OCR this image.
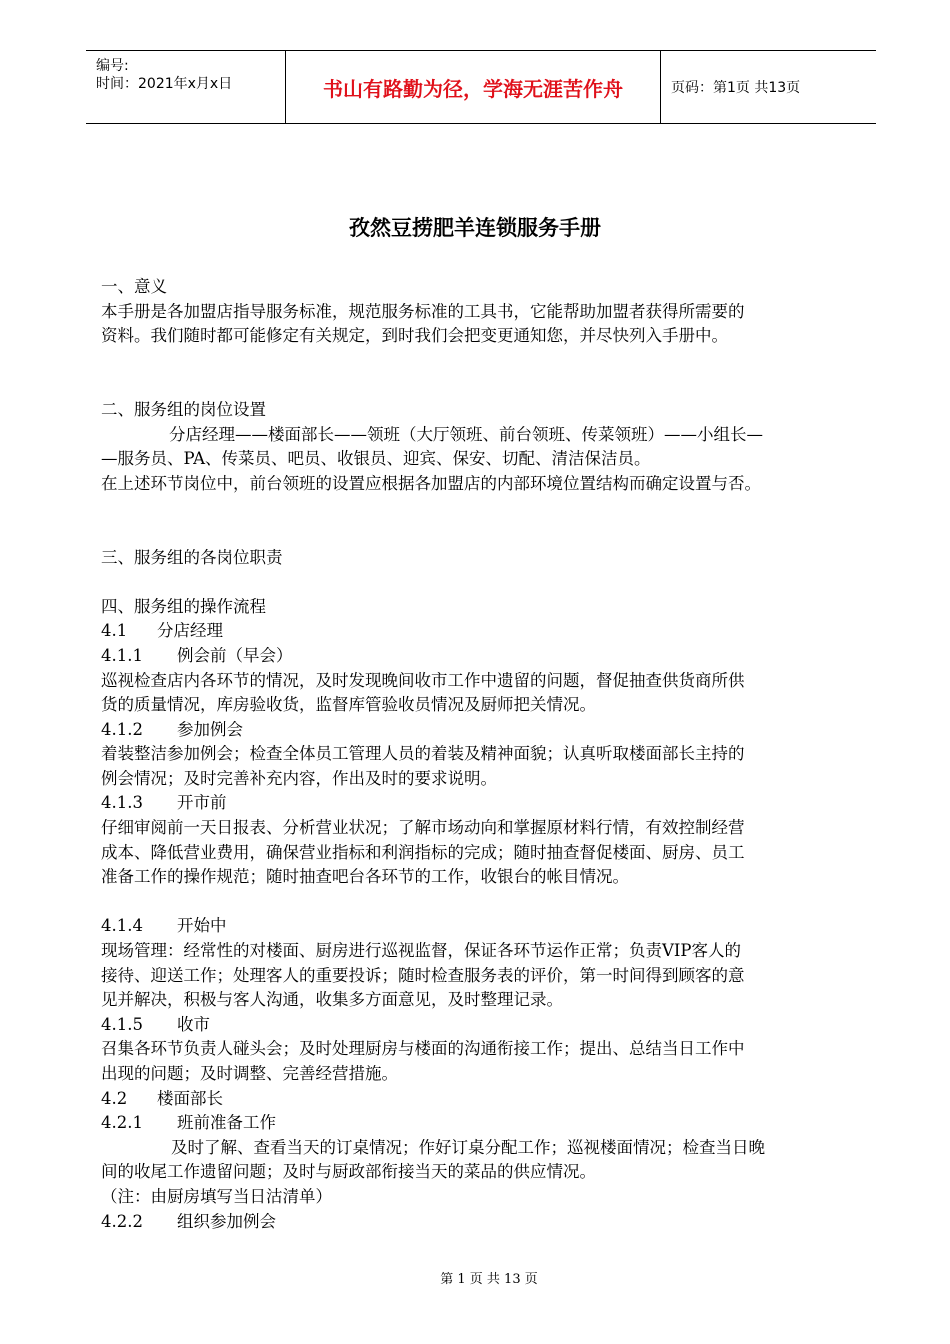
编号:
时间：2021年x月x日	书山有路勤为径，学海无涯苦作舟	页码：第1页 共13页
孜然豆捞肥羊连锁服务手册

一、意义

本手册是各加盟店指导服务标准，规范服务标准的工具书，它能帮助加盟者获得所需要的

资料。我们随时都可能修定有关规定，到时我们会把变更通知您，并尽快列入手册中。

二、服务组的岗位设置

分店经理——楼面部长——领班（大厅领班、前台领班、传菜领班）——小组长—

—服务员、PA、传菜员、吧员、收银员、迎宾、保安、切配、清洁保洁员。

在上述环节岗位中，前台领班的设置应根据各加盟店的内部环境位置结构而确定设置与否。

三、服务组的各岗位职责

四、服务组的操作流程

4.1 分店经理

4.1.1 例会前（早会）

巡视检查店内各环节的情况，及时发现晚间收市工作中遗留的问题，督促抽查供货商所供

货的质量情况，库房验收货，监督库管验收员情况及厨师把关情况。

4.1.2 参加例会

着装整洁参加例会；检查全体员工管理人员的着装及精神面貌；认真听取楼面部长主持的

例会情况；及时完善补充内容，作出及时的要求说明。

4.1.3 开市前

仔细审阅前一天日报表、分析营业状况；了解市场动向和掌握原材料行情，有效控制经营

成本、降低营业费用，确保营业指标和利润指标的完成；随时抽查督促楼面、厨房、员工

准备工作的操作规范；随时抽查吧台各环节的工作，收银台的帐目情况。

4.1.4 开始中

现场管理：经常性的对楼面、厨房进行巡视监督，保证各环节运作正常；负责VIP客人的

接待、迎送工作；处理客人的重要投诉；随时检查服务表的评价，第一时间得到顾客的意

见并解决，积极与客人沟通，收集多方面意见，及时整理记录。

4.1.5 收市

召集各环节负责人碰头会；及时处理厨房与楼面的沟通衔接工作；提出、总结当日工作中

出现的问题；及时调整、完善经营措施。

4.2 楼面部长

4.2.1 班前准备工作

及时了解、查看当天的订桌情况；作好订桌分配工作；巡视楼面情况；检查当日晚

间的收尾工作遗留问题；及时与厨政部衔接当天的菜品的供应情况。

（注：由厨房填写当日沽清单）

4.2.2 组织参加例会

第 1 页 共 13 页
